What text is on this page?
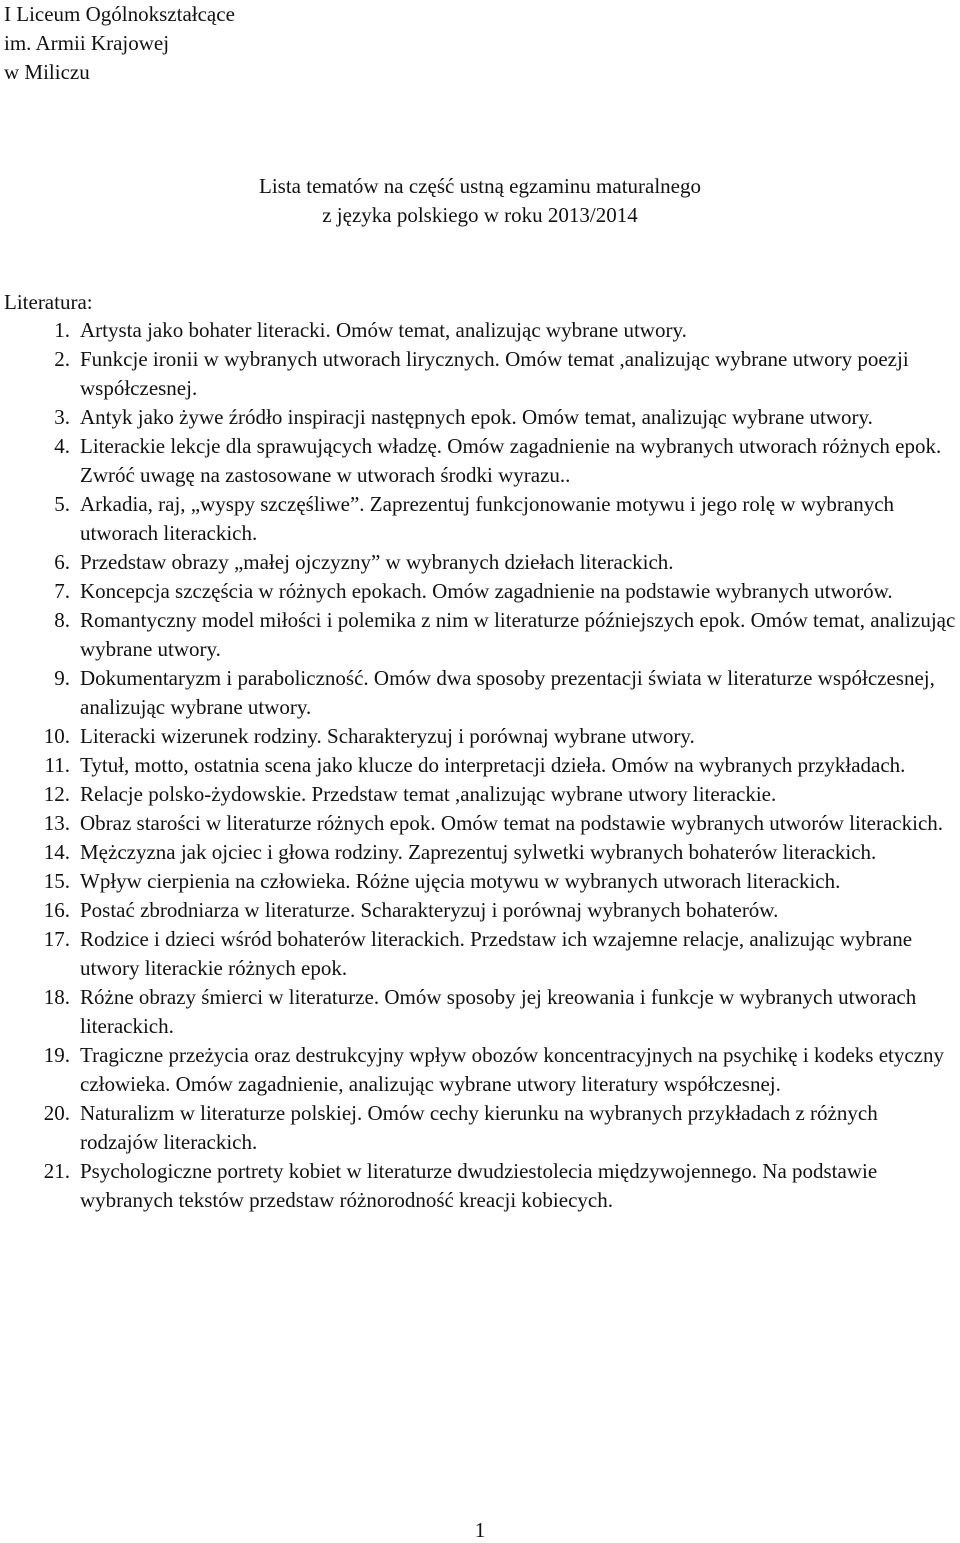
I Liceum Ogólnokształcące
im. Armii Krajowej
w Miliczu
Lista tematów na część ustną egzaminu maturalnego
z języka polskiego w roku 2013/2014
Literatura:
1. Artysta jako bohater literacki. Omów temat, analizując wybrane utwory.
2. Funkcje ironii w wybranych utworach lirycznych. Omów temat ,analizując wybrane utwory poezji współczesnej.
3. Antyk jako żywe źródło inspiracji następnych epok. Omów temat, analizując wybrane utwory.
4. Literackie lekcje dla sprawujących władzę. Omów zagadnienie na wybranych utworach różnych epok. Zwróć uwagę na zastosowane w utworach środki wyrazu..
5. Arkadia, raj, „wyspy szczęśliwe”. Zaprezentuj funkcjonowanie motywu i jego rolę w wybranych utworach literackich.
6. Przedstaw obrazy „małej ojczyzny” w wybranych dziełach literackich.
7. Koncepcja szczęścia w różnych epokach. Omów zagadnienie na podstawie wybranych utworów.
8. Romantyczny model miłości i polemika z nim w literaturze późniejszych epok. Omów temat, analizując wybrane utwory.
9. Dokumentaryzm i paraboliczność. Omów dwa sposoby prezentacji świata w literaturze współczesnej, analizując wybrane utwory.
10. Literacki wizerunek rodziny. Scharakteryzuj i porównaj wybrane utwory.
11. Tytuł, motto, ostatnia scena jako klucze do interpretacji dzieła. Omów na wybranych przykładach.
12. Relacje polsko-żydowskie. Przedstaw temat ,analizując wybrane utwory literackie.
13. Obraz starości w literaturze różnych epok. Omów temat na podstawie wybranych utworów literackich.
14. Mężczyzna jak ojciec i głowa rodziny. Zaprezentuj sylwetki wybranych bohaterów literackich.
15. Wpływ cierpienia na człowieka. Różne ujęcia motywu w wybranych utworach literackich.
16. Postać zbrodniarza w literaturze. Scharakteryzuj i porównaj wybranych bohaterów.
17. Rodzice i dzieci wśród bohaterów literackich. Przedstaw ich wzajemne relacje, analizując wybrane utwory literackie różnych epok.
18. Różne obrazy śmierci w literaturze. Omów sposoby jej kreowania i funkcje w wybranych utworach literackich.
19. Tragiczne przeżycia oraz destrukcyjny wpływ obozów koncentracyjnych na psychikę i kodeks etyczny człowieka. Omów zagadnienie, analizując wybrane utwory literatury współczesnej.
20. Naturalizm w literaturze polskiej. Omów cechy kierunku na wybranych przykładach z różnych rodzajów literackich.
21. Psychologiczne portrety kobiet w literaturze dwudziestolecia międzywojennego. Na podstawie wybranych tekstów przedstaw różnorodność kreacji kobiecych.
1
